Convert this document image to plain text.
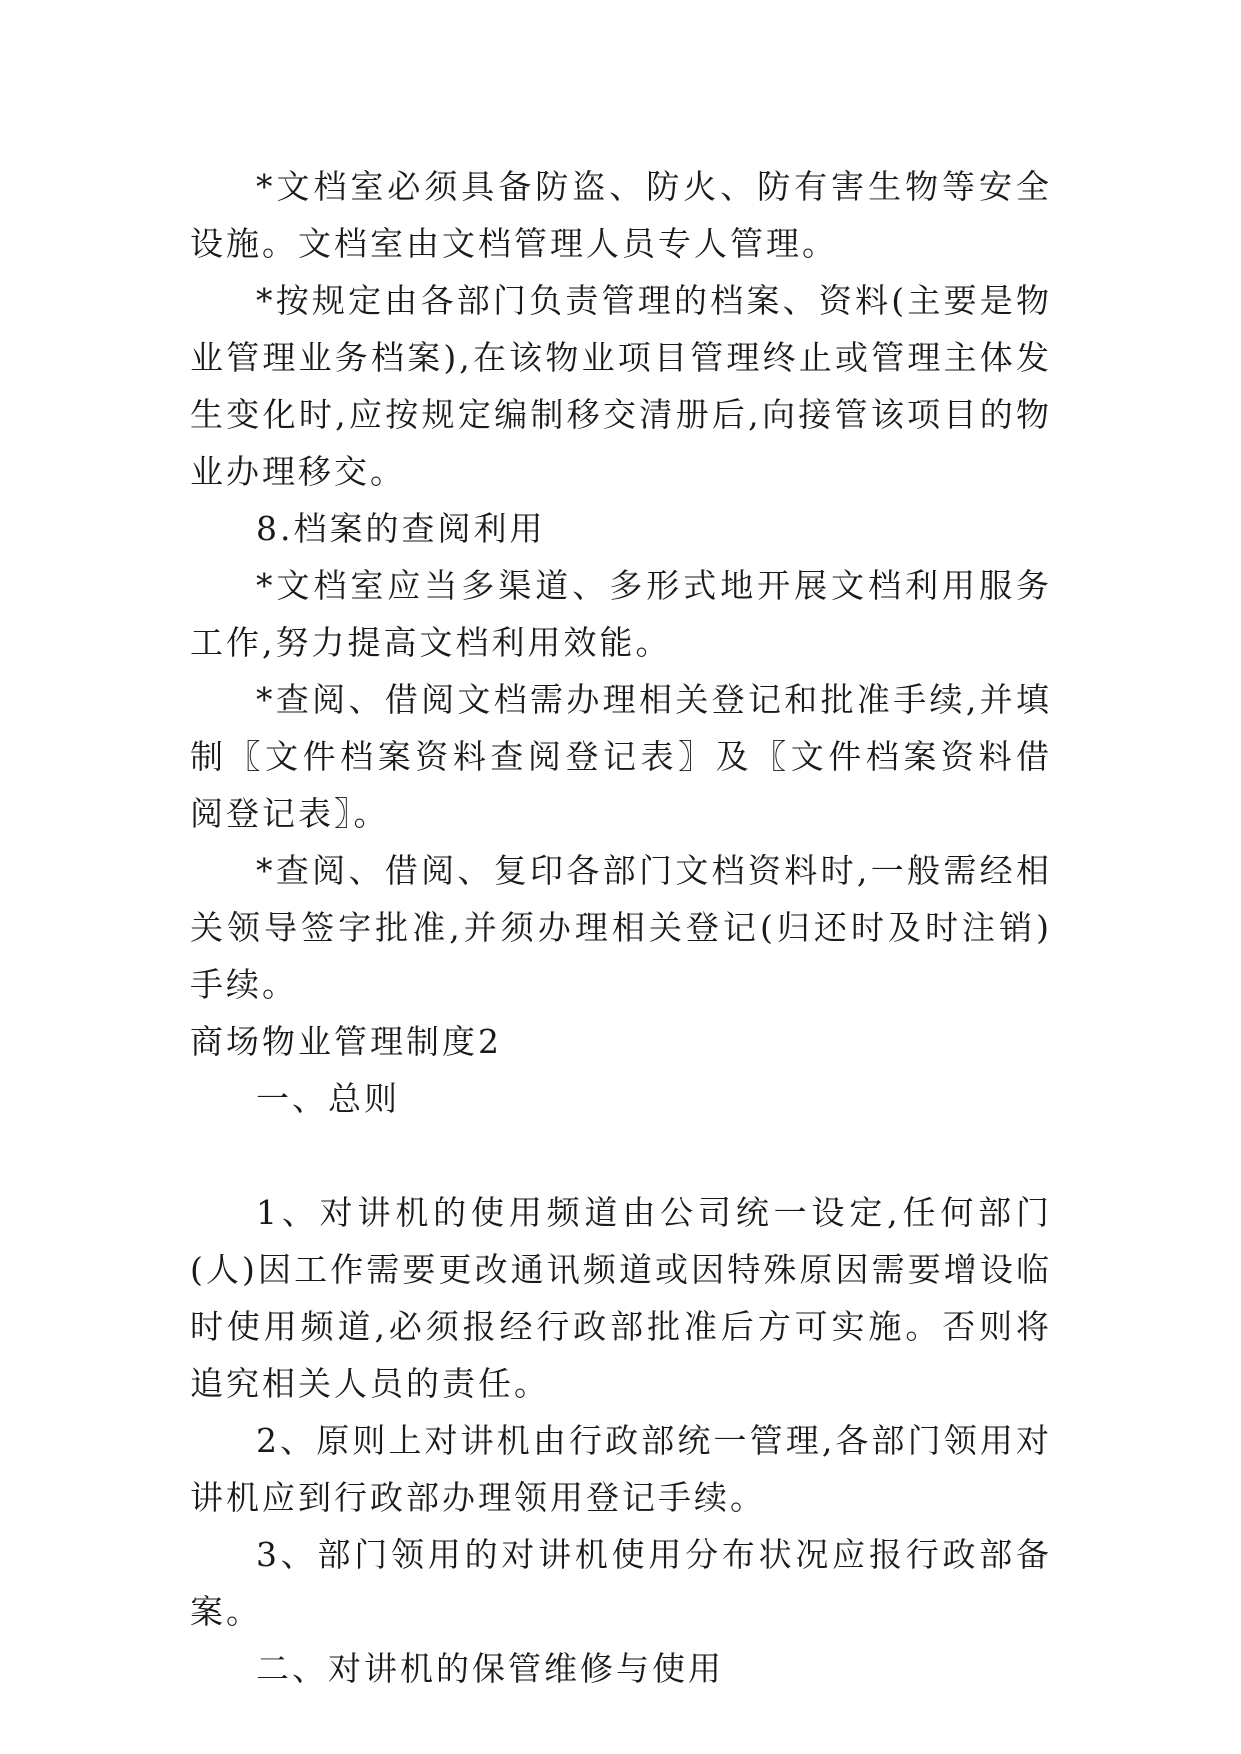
*文档室必须具备防盗、防火、防有害生物等安全设施。文档室由文档管理人员专人管理。

*按规定由各部门负责管理的档案、资料(主要是物业管理业务档案),在该物业项目管理终止或管理主体发生变化时,应按规定编制移交清册后,向接管该项目的物业办理移交。

8.档案的查阅利用

*文档室应当多渠道、多形式地开展文档利用服务工作,努力提高文档利用效能。

*查阅、借阅文档需办理相关登记和批准手续,并填制〖文件档案资料查阅登记表〗及〖文件档案资料借阅登记表〗。

*查阅、借阅、复印各部门文档资料时,一般需经相关领导签字批准,并须办理相关登记(归还时及时注销)手续。

商场物业管理制度2

一、总则

1、对讲机的使用频道由公司统一设定,任何部门(人)因工作需要更改通讯频道或因特殊原因需要增设临时使用频道,必须报经行政部批准后方可实施。否则将追究相关人员的责任。

2、原则上对讲机由行政部统一管理,各部门领用对讲机应到行政部办理领用登记手续。

3、部门领用的对讲机使用分布状况应报行政部备案。

二、对讲机的保管维修与使用
